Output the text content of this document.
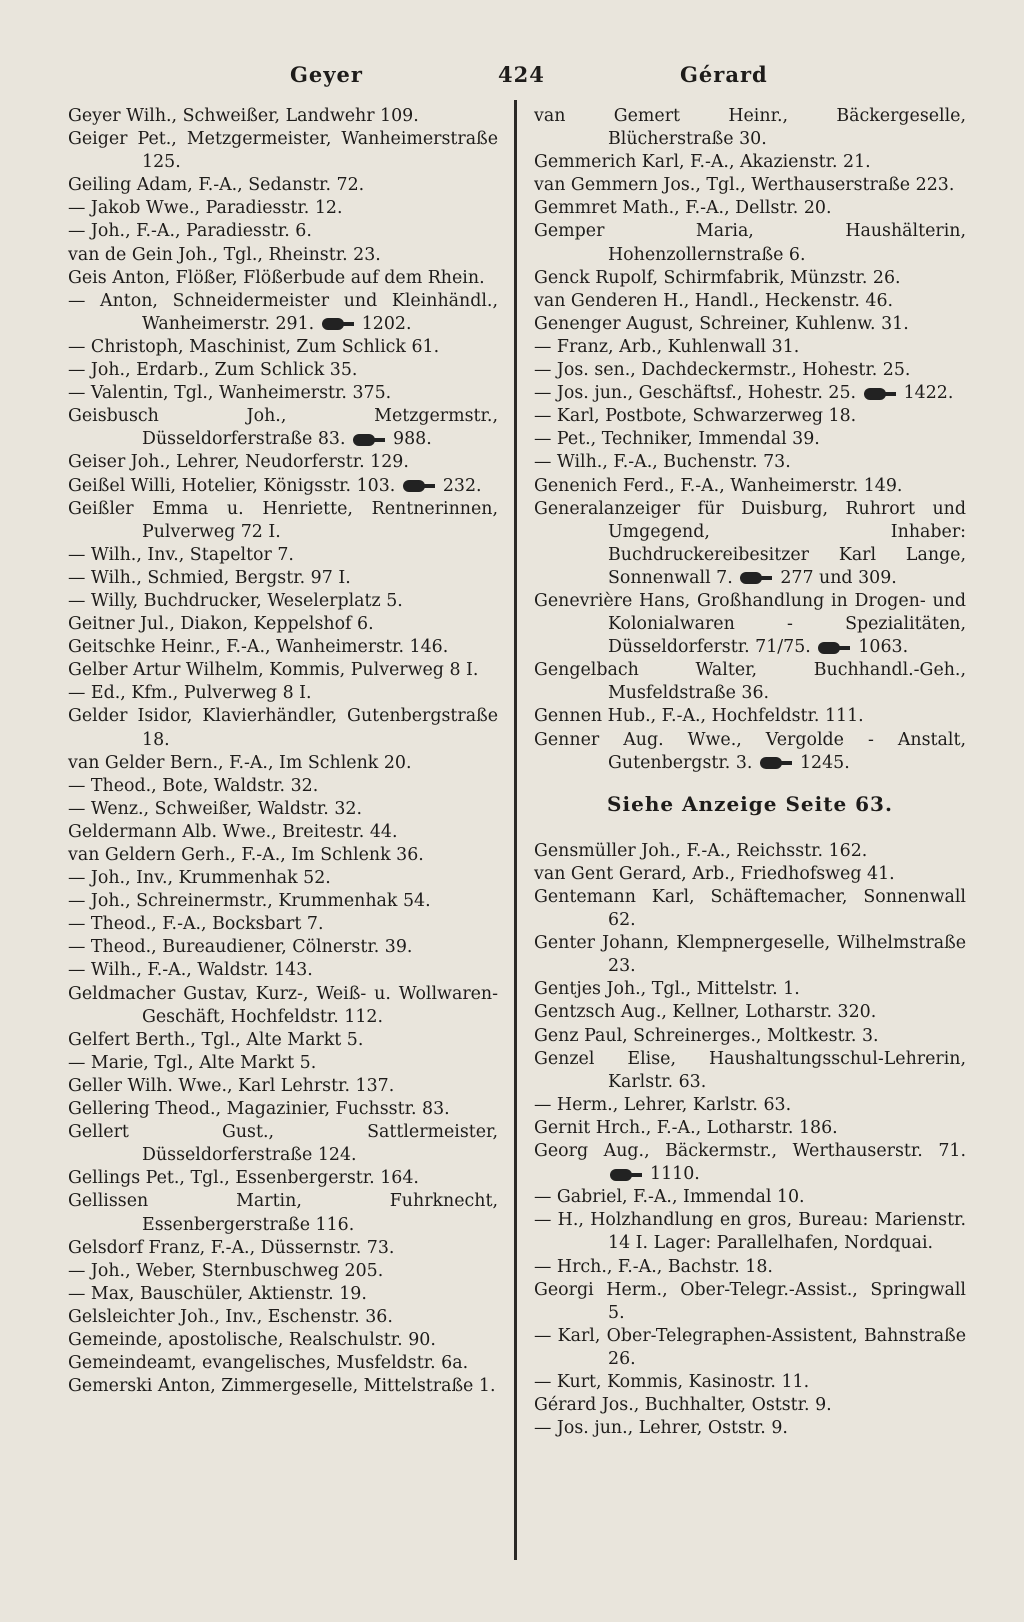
Geyer	424	Gérard
Geyer Wilh., Schweißer, Landwehr 109.
Geiger Pet., Metzgermeister, Wanheimerstraße 125.
Geiling Adam, F.-A., Sedanstr. 72.
— Jakob Wwe., Paradiesstr. 12.
— Joh., F.-A., Paradiesstr. 6.
van de Gein Joh., Tgl., Rheinstr. 23.
Geis Anton, Flößer, Flößerbude auf dem Rhein.
— Anton, Schneidermeister und Kleinhändl., Wanheimerstr. 291.	1202.
— Christoph, Maschinist, Zum Schlick 61.
— Joh., Erdarb., Zum Schlick 35.
— Valentin, Tgl., Wanheimerstr. 375.
Geisbusch Joh., Metzgermstr., Düsseldorferstraße 83.	988.
Geiser Joh., Lehrer, Neudorferstr. 129.
Geißel Willi, Hotelier, Königsstr. 103.	232.
Geißler Emma u. Henriette, Rentnerinnen, Pulverweg 72 I.
— Wilh., Inv., Stapeltor 7.
— Wilh., Schmied, Bergstr. 97 I.
— Willy, Buchdrucker, Weselerplatz 5.
Geitner Jul., Diakon, Keppelshof 6.
Geitschke Heinr., F.-A., Wanheimerstr. 146.
Gelber Artur Wilhelm, Kommis, Pulverweg 8 I.
— Ed., Kfm., Pulverweg 8 I.
Gelder Isidor, Klavierhändler, Gutenbergstraße 18.
van Gelder Bern., F.-A., Im Schlenk 20.
— Theod., Bote, Waldstr. 32.
— Wenz., Schweißer, Waldstr. 32.
Geldermann Alb. Wwe., Breitestr. 44.
van Geldern Gerh., F.-A., Im Schlenk 36.
— Joh., Inv., Krummenhak 52.
— Joh., Schreinermstr., Krummenhak 54.
— Theod., F.-A., Bocksbart 7.
— Theod., Bureaudiener, Cölnerstr. 39.
— Wilh., F.-A., Waldstr. 143.
Geldmacher Gustav, Kurz-, Weiß- u. Wollwaren-Geschäft, Hochfeldstr. 112.
Gelfert Berth., Tgl., Alte Markt 5.
— Marie, Tgl., Alte Markt 5.
Geller Wilh. Wwe., Karl Lehrstr. 137.
Gellering Theod., Magazinier, Fuchsstr. 83.
Gellert Gust., Sattlermeister, Düsseldorferstraße 124.
Gellings Pet., Tgl., Essenbergerstr. 164.
Gellissen Martin, Fuhrknecht, Essenbergerstraße 116.
Gelsdorf Franz, F.-A., Düssernstr. 73.
— Joh., Weber, Sternbuschweg 205.
— Max, Bauschüler, Aktienstr. 19.
Gelsleichter Joh., Inv., Eschenstr. 36.
Gemeinde, apostolische, Realschulstr. 90.
Gemeindeamt, evangelisches, Musfeldstr. 6a.
Gemerski Anton, Zimmergeselle, Mittelstraße 1.
van Gemert Heinr., Bäckergeselle, Blücherstraße 30.
Gemmerich Karl, F.-A., Akazienstr. 21.
van Gemmern Jos., Tgl., Werthauserstraße 223.
Gemmret Math., F.-A., Dellstr. 20.
Gemper Maria, Haushälterin, Hohenzollernstraße 6.
Genck Rupolf, Schirmfabrik, Münzstr. 26.
van Genderen H., Handl., Heckenstr. 46.
Genenger August, Schreiner, Kuhlenw. 31.
— Franz, Arb., Kuhlenwall 31.
— Jos. sen., Dachdeckermstr., Hohestr. 25.
— Jos. jun., Geschäftsf., Hohestr. 25.	1422.
— Karl, Postbote, Schwarzerweg 18.
— Pet., Techniker, Immendal 39.
— Wilh., F.-A., Buchenstr. 73.
Genenich Ferd., F.-A., Wanheimerstr. 149.
Generalanzeiger für Duisburg, Ruhrort und Umgegend, Inhaber: Buchdruckereibesitzer Karl Lange, Sonnenwall 7.	277 und 309.
Genevrière Hans, Großhandlung in Drogen- und Kolonialwaren - Spezialitäten, Düsseldorferstr. 71/75.	1063.
Gengelbach Walter, Buchhandl.-Geh., Musfeldstraße 36.
Gennen Hub., F.-A., Hochfeldstr. 111.
Genner Aug. Wwe., Vergolde - Anstalt, Gutenbergstr. 3.	1245.
Siehe Anzeige Seite 63.
Gensmüller Joh., F.-A., Reichsstr. 162.
van Gent Gerard, Arb., Friedhofsweg 41.
Gentemann Karl, Schäftemacher, Sonnenwall 62.
Genter Johann, Klempnergeselle, Wilhelmstraße 23.
Gentjes Joh., Tgl., Mittelstr. 1.
Gentzsch Aug., Kellner, Lotharstr. 320.
Genz Paul, Schreinerges., Moltkestr. 3.
Genzel Elise, Haushaltungsschul-Lehrerin, Karlstr. 63.
— Herm., Lehrer, Karlstr. 63.
Gernit Hrch., F.-A., Lotharstr. 186.
Georg Aug., Bäckermstr., Werthauserstr. 71. 1110.
— Gabriel, F.-A., Immendal 10.
— H., Holzhandlung en gros, Bureau: Marienstr. 14 I. Lager: Parallelhafen, Nordquai.
— Hrch., F.-A., Bachstr. 18.
Georgi Herm., Ober-Telegr.-Assist., Springwall 5.
— Karl, Ober-Telegraphen-Assistent, Bahnstraße 26.
— Kurt, Kommis, Kasinostr. 11.
Gérard Jos., Buchhalter, Oststr. 9.
— Jos. jun., Lehrer, Oststr. 9.
